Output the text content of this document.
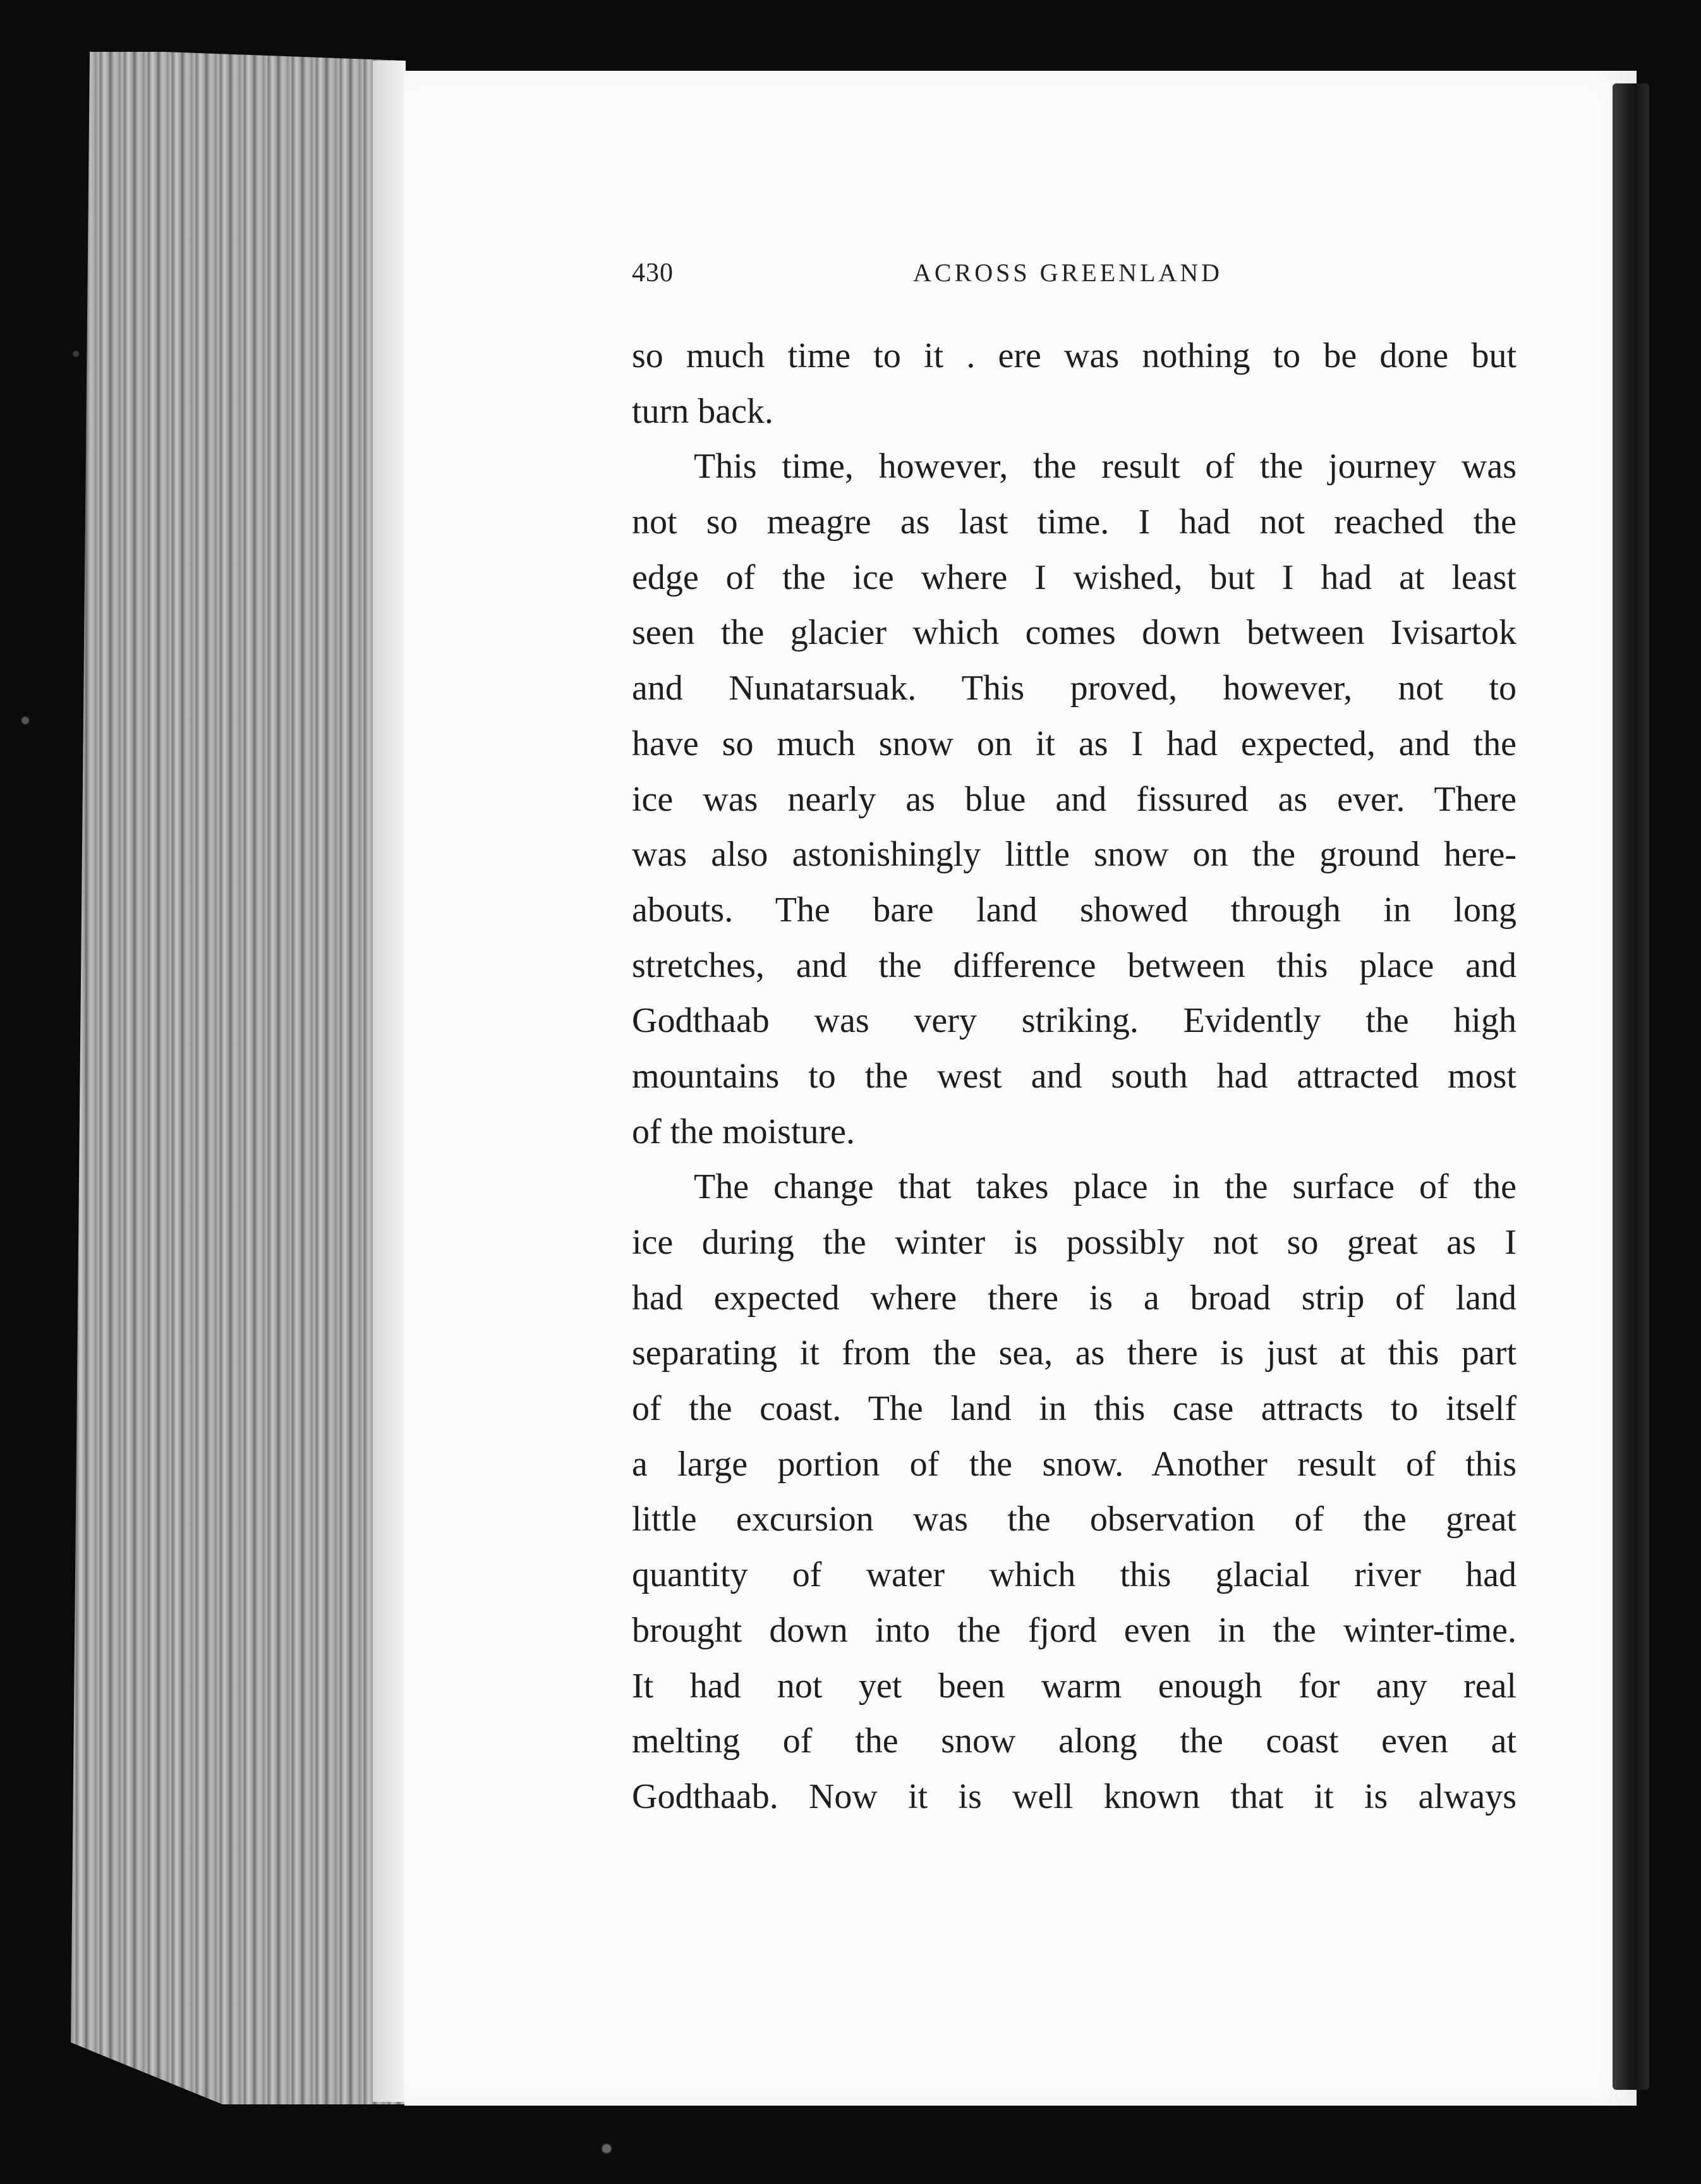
430	ACROSS GREENLAND
so much time to it . ere was nothing to be done but
turn back.
This time, however, the result of the journey was
not so meagre as last time. I had not reached the
edge of the ice where I wished, but I had at least
seen the glacier which comes down between Ivisartok
and Nunatarsuak. This proved, however, not to
have so much snow on it as I had expected, and the
ice was nearly as blue and fissured as ever. There
was also astonishingly little snow on the ground here-
abouts. The bare land showed through in long
stretches, and the difference between this place and
Godthaab was very striking. Evidently the high
mountains to the west and south had attracted most
of the moisture.
The change that takes place in the surface of the
ice during the winter is possibly not so great as I
had expected where there is a broad strip of land
separating it from the sea, as there is just at this part
of the coast. The land in this case attracts to itself
a large portion of the snow. Another result of this
little excursion was the observation of the great
quantity of water which this glacial river had
brought down into the fjord even in the winter-time.
It had not yet been warm enough for any real
melting of the snow along the coast even at
Godthaab. Now it is well known that it is always
